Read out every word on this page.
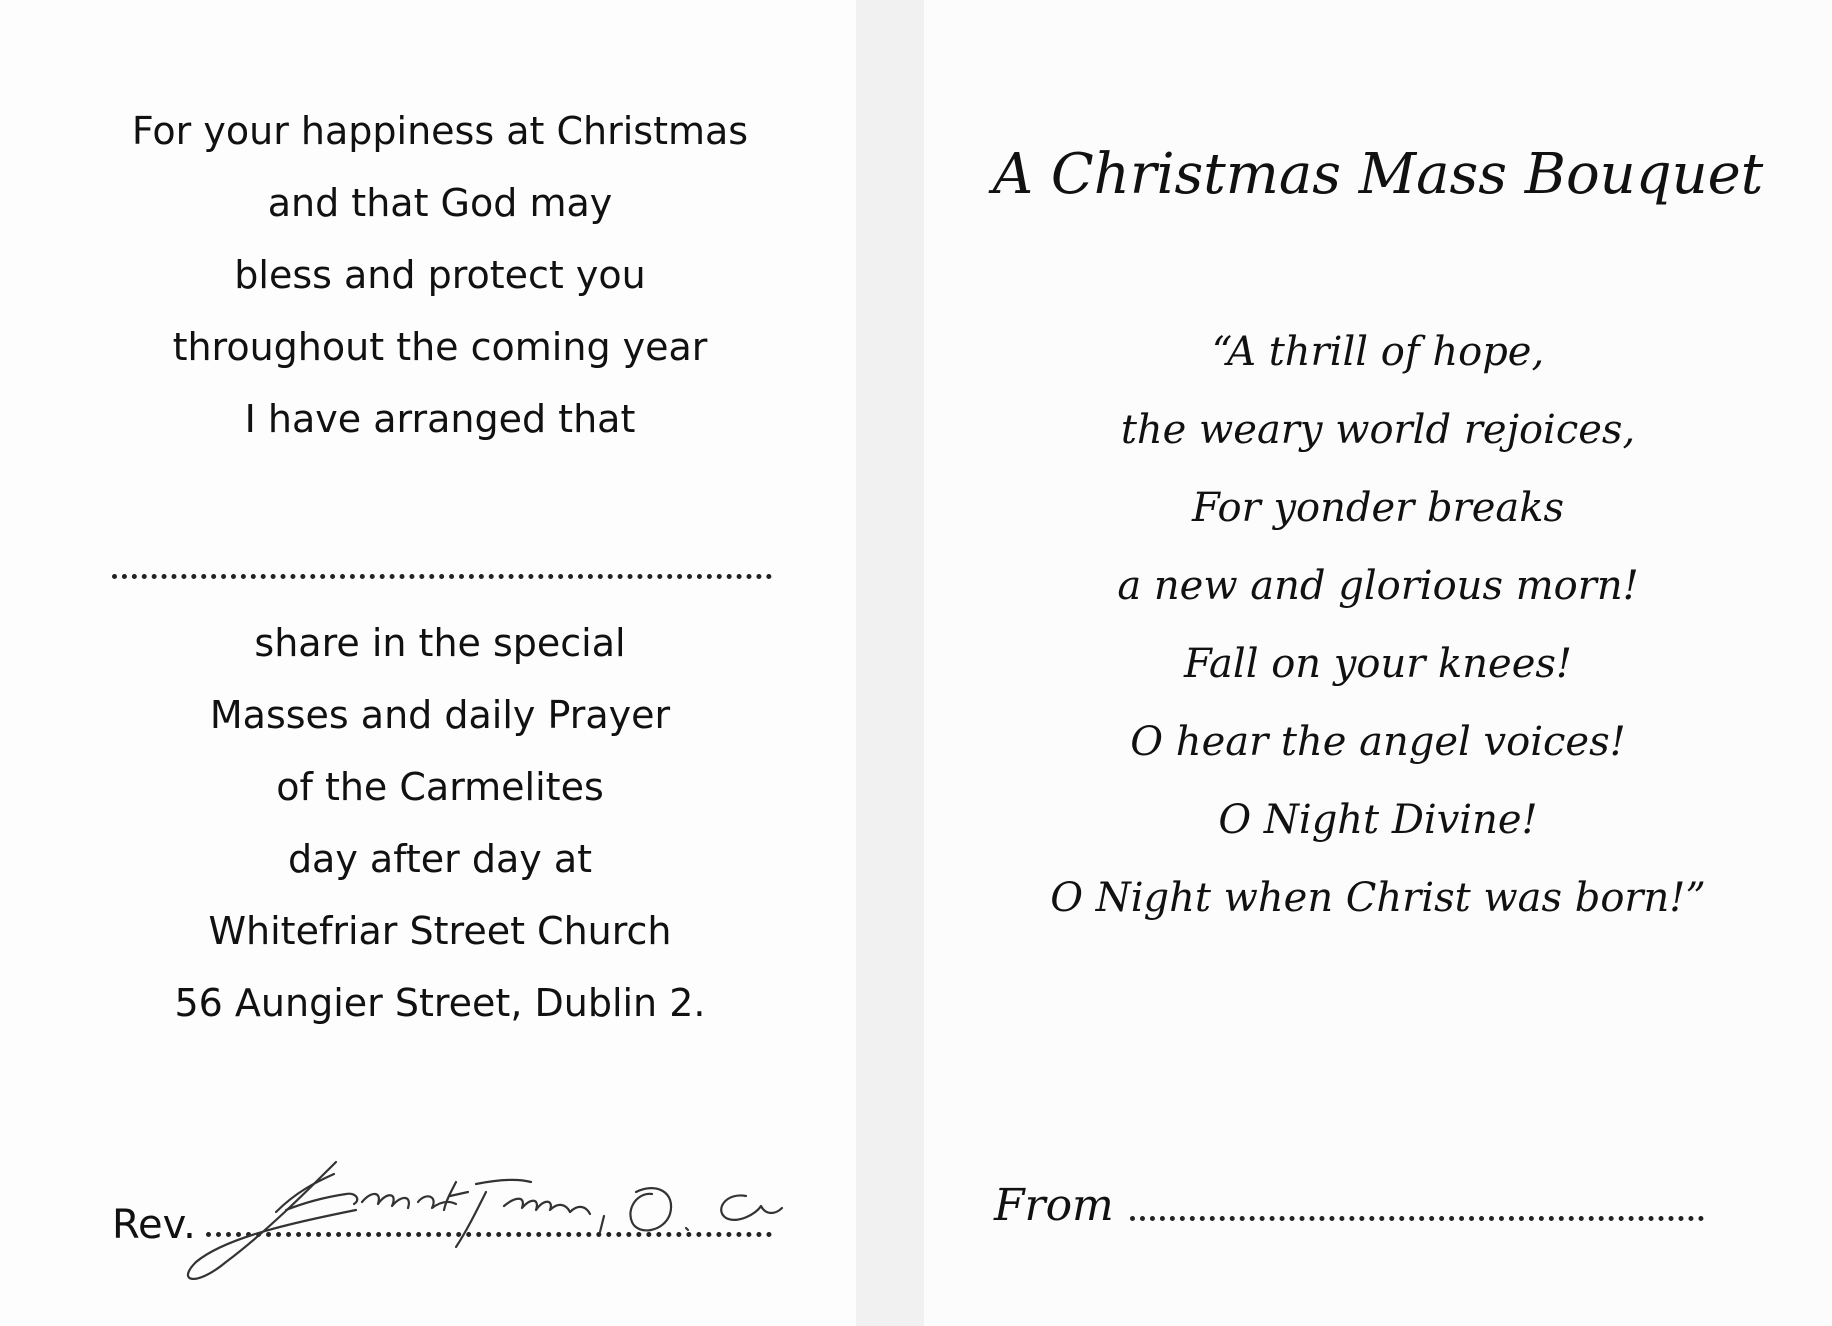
For your happiness at Christmas
and that God may
bless and protect you
throughout the coming year
I have arranged that
share in the special
Masses and daily Prayer
of the Carmelites
day after day at
Whitefriar Street Church
56 Aungier Street, Dublin 2.
Rev.
A Christmas Mass Bouquet
“A thrill of hope,
the weary world rejoices,
For yonder breaks
a new and glorious morn!
Fall on your knees!
O hear the angel voices!
O Night Divine!
O Night when Christ was born!”
From
